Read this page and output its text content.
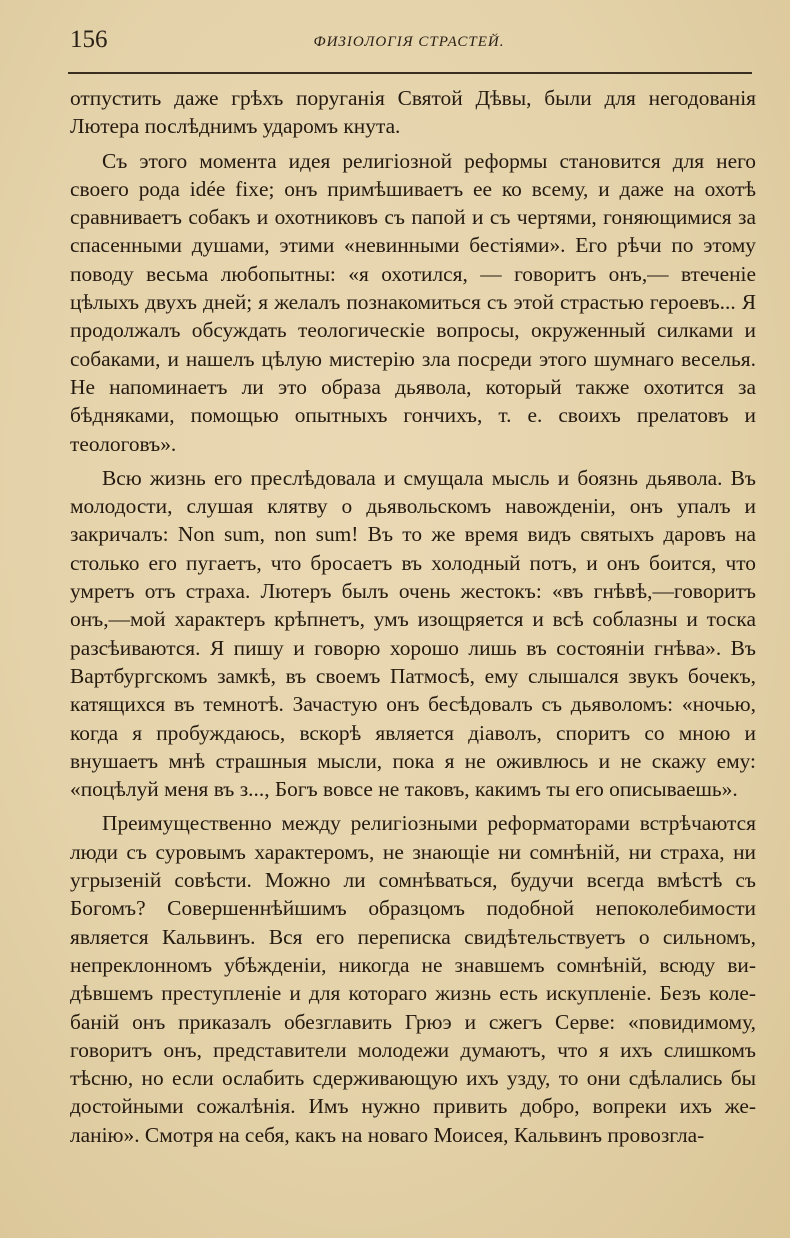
156	ФИЗІОЛОГІЯ СТРАСТЕЙ.

отпустить даже грѣхъ поруганія Святой Дѣвы, были для негодованія Лютера послѣднимъ ударомъ кнута.

Съ этого момента идея религіозной реформы становится для него своего рода idée fixe; онъ примѣшиваетъ ее ко всему, и даже на охотѣ сравниваетъ собакъ и охотниковъ съ папой и съ чертями, гоняющимися за спасенными душами, этими «невинными бестіями». Его рѣчи по этому поводу весьма любопытны: «я охотился, — говоритъ онъ,— втеченіе цѣлыхъ двухъ дней; я желалъ познакомиться съ этой страстью героевъ... Я продолжалъ обсуждать теологическіе вопросы, окруженный силками и собаками, и нашелъ цѣлую мистерію зла посреди этого шумнаго веселья. Не напоминаетъ ли это образа дьявола, который также охотится за бѣдняками, помощью опытныхъ гончихъ, т. е. своихъ прелатовъ и теологовъ».

Всю жизнь его преслѣдовала и смущала мысль и боязнь дьявола. Въ молодости, слушая клятву о дьявольскомъ навожденіи, онъ упалъ и закричалъ: Non sum, non sum! Въ то же время видъ святыхъ даровъ на столько его пугаетъ, что бросаетъ въ холодный потъ, и онъ боится, что умретъ отъ страха. Лютеръ былъ очень жестокъ: «въ гнѣвѣ,—говоритъ онъ,—мой характеръ крѣпнетъ, умъ изощряется и всѣ соблазны и тоска разсѣиваются. Я пишу и говорю хорошо лишь въ состояніи гнѣва». Въ Вартбургскомъ замкѣ, въ своемъ Патмосѣ, ему слышался звукъ бочекъ, катящихся въ темнотѣ. Зачастую онъ бесѣдовалъ съ дьяволомъ: «ночью, когда я пробуждаюсь, вскорѣ является діаволъ, споритъ со мною и внушаетъ мнѣ страшныя мысли, пока я не оживлюсь и не скажу ему: «поцѣлуй меня въ з..., Богъ вовсе не таковъ, какимъ ты его описываешь».

Преимущественно между религіозными реформаторами встрѣчаются люди съ суровымъ характеромъ, не знающіе ни сомнѣній, ни страха, ни угрызеній совѣсти. Можно ли сомнѣваться, будучи всегда вмѣстѣ съ Богомъ? Совершеннѣйшимъ образцомъ подобной непоколебимости является Кальвинъ. Вся его переписка свидѣтельствуетъ о сильномъ, непреклонномъ убѣжденіи, никогда не знавшемъ сомнѣній, всюду видѣвшемъ преступленіе и для котораго жизнь есть искупленіе. Безъ колебаній онъ приказалъ обезглавить Грюэ и сжегъ Серве: «повидимому, говоритъ онъ, представители молодежи думаютъ, что я ихъ слишкомъ тѣсню, но если ослабить сдерживающую ихъ узду, то они сдѣлались бы достойными сожалѣнія. Имъ нужно привить добро, вопреки ихъ желанію». Смотря на себя, какъ на новаго Моисея, Кальвинъ провозгла-
